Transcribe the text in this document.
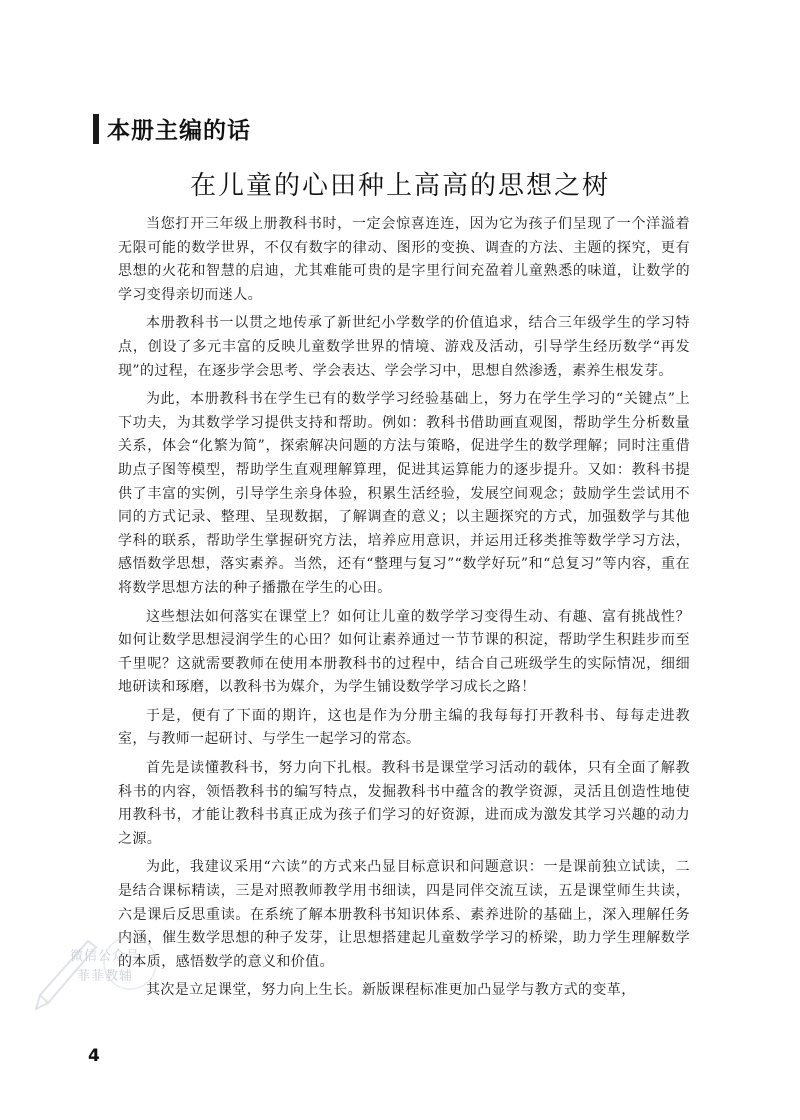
本册主编的话
在儿童的心田种上高高的思想之树

当您打开三年级上册教科书时，一定会惊喜连连，因为它为孩子们呈现了一个洋溢着无限可能的数学世界，不仅有数字的律动、图形的变换、调查的方法、主题的探究，更有思想的火花和智慧的启迪，尤其难能可贵的是字里行间充盈着儿童熟悉的味道，让数学的学习变得亲切而迷人。

本册教科书一以贯之地传承了新世纪小学数学的价值追求，结合三年级学生的学习特点，创设了多元丰富的反映儿童数学世界的情境、游戏及活动，引导学生经历数学“再发现”的过程，在逐步学会思考、学会表达、学会学习中，思想自然渗透，素养生根发芽。

为此，本册教科书在学生已有的数学学习经验基础上，努力在学生学习的“关键点”上下功夫，为其数学学习提供支持和帮助。例如：教科书借助画直观图，帮助学生分析数量关系，体会“化繁为简”，探索解决问题的方法与策略，促进学生的数学理解；同时注重借助点子图等模型，帮助学生直观理解算理，促进其运算能力的逐步提升。又如：教科书提供了丰富的实例，引导学生亲身体验，积累生活经验，发展空间观念；鼓励学生尝试用不同的方式记录、整理、呈现数据，了解调查的意义；以主题探究的方式，加强数学与其他学科的联系，帮助学生掌握研究方法，培养应用意识，并运用迁移类推等数学学习方法，感悟数学思想，落实素养。当然，还有“整理与复习”“数学好玩”和“总复习”等内容，重在将数学思想方法的种子播撒在学生的心田。

这些想法如何落实在课堂上？如何让儿童的数学学习变得生动、有趣、富有挑战性？如何让数学思想浸润学生的心田？如何让素养通过一节节课的积淀，帮助学生积跬步而至千里呢？这就需要教师在使用本册教科书的过程中，结合自己班级学生的实际情况，细细地研读和琢磨，以教科书为媒介，为学生铺设数学学习成长之路！

于是，便有了下面的期许，这也是作为分册主编的我每每打开教科书、每每走进教室，与教师一起研讨、与学生一起学习的常态。

首先是读懂教科书，努力向下扎根。教科书是课堂学习活动的载体，只有全面了解教科书的内容，领悟教科书的编写特点，发掘教科书中蕴含的教学资源，灵活且创造性地使用教科书，才能让教科书真正成为孩子们学习的好资源，进而成为激发其学习兴趣的动力之源。

为此，我建议采用“六读”的方式来凸显目标意识和问题意识：一是课前独立试读，二是结合课标精读，三是对照教师教学用书细读，四是同伴交流互读，五是课堂师生共读，六是课后反思重读。在系统了解本册教科书知识体系、素养进阶的基础上，深入理解任务内涵，催生数学思想的种子发芽，让思想搭建起儿童数学学习的桥梁，助力学生理解数学的本质，感悟数学的意义和价值。

其次是立足课堂，努力向上生长。新版课程标准更加凸显学与教方式的变革，

微信公众号
菲菲教辅
4
